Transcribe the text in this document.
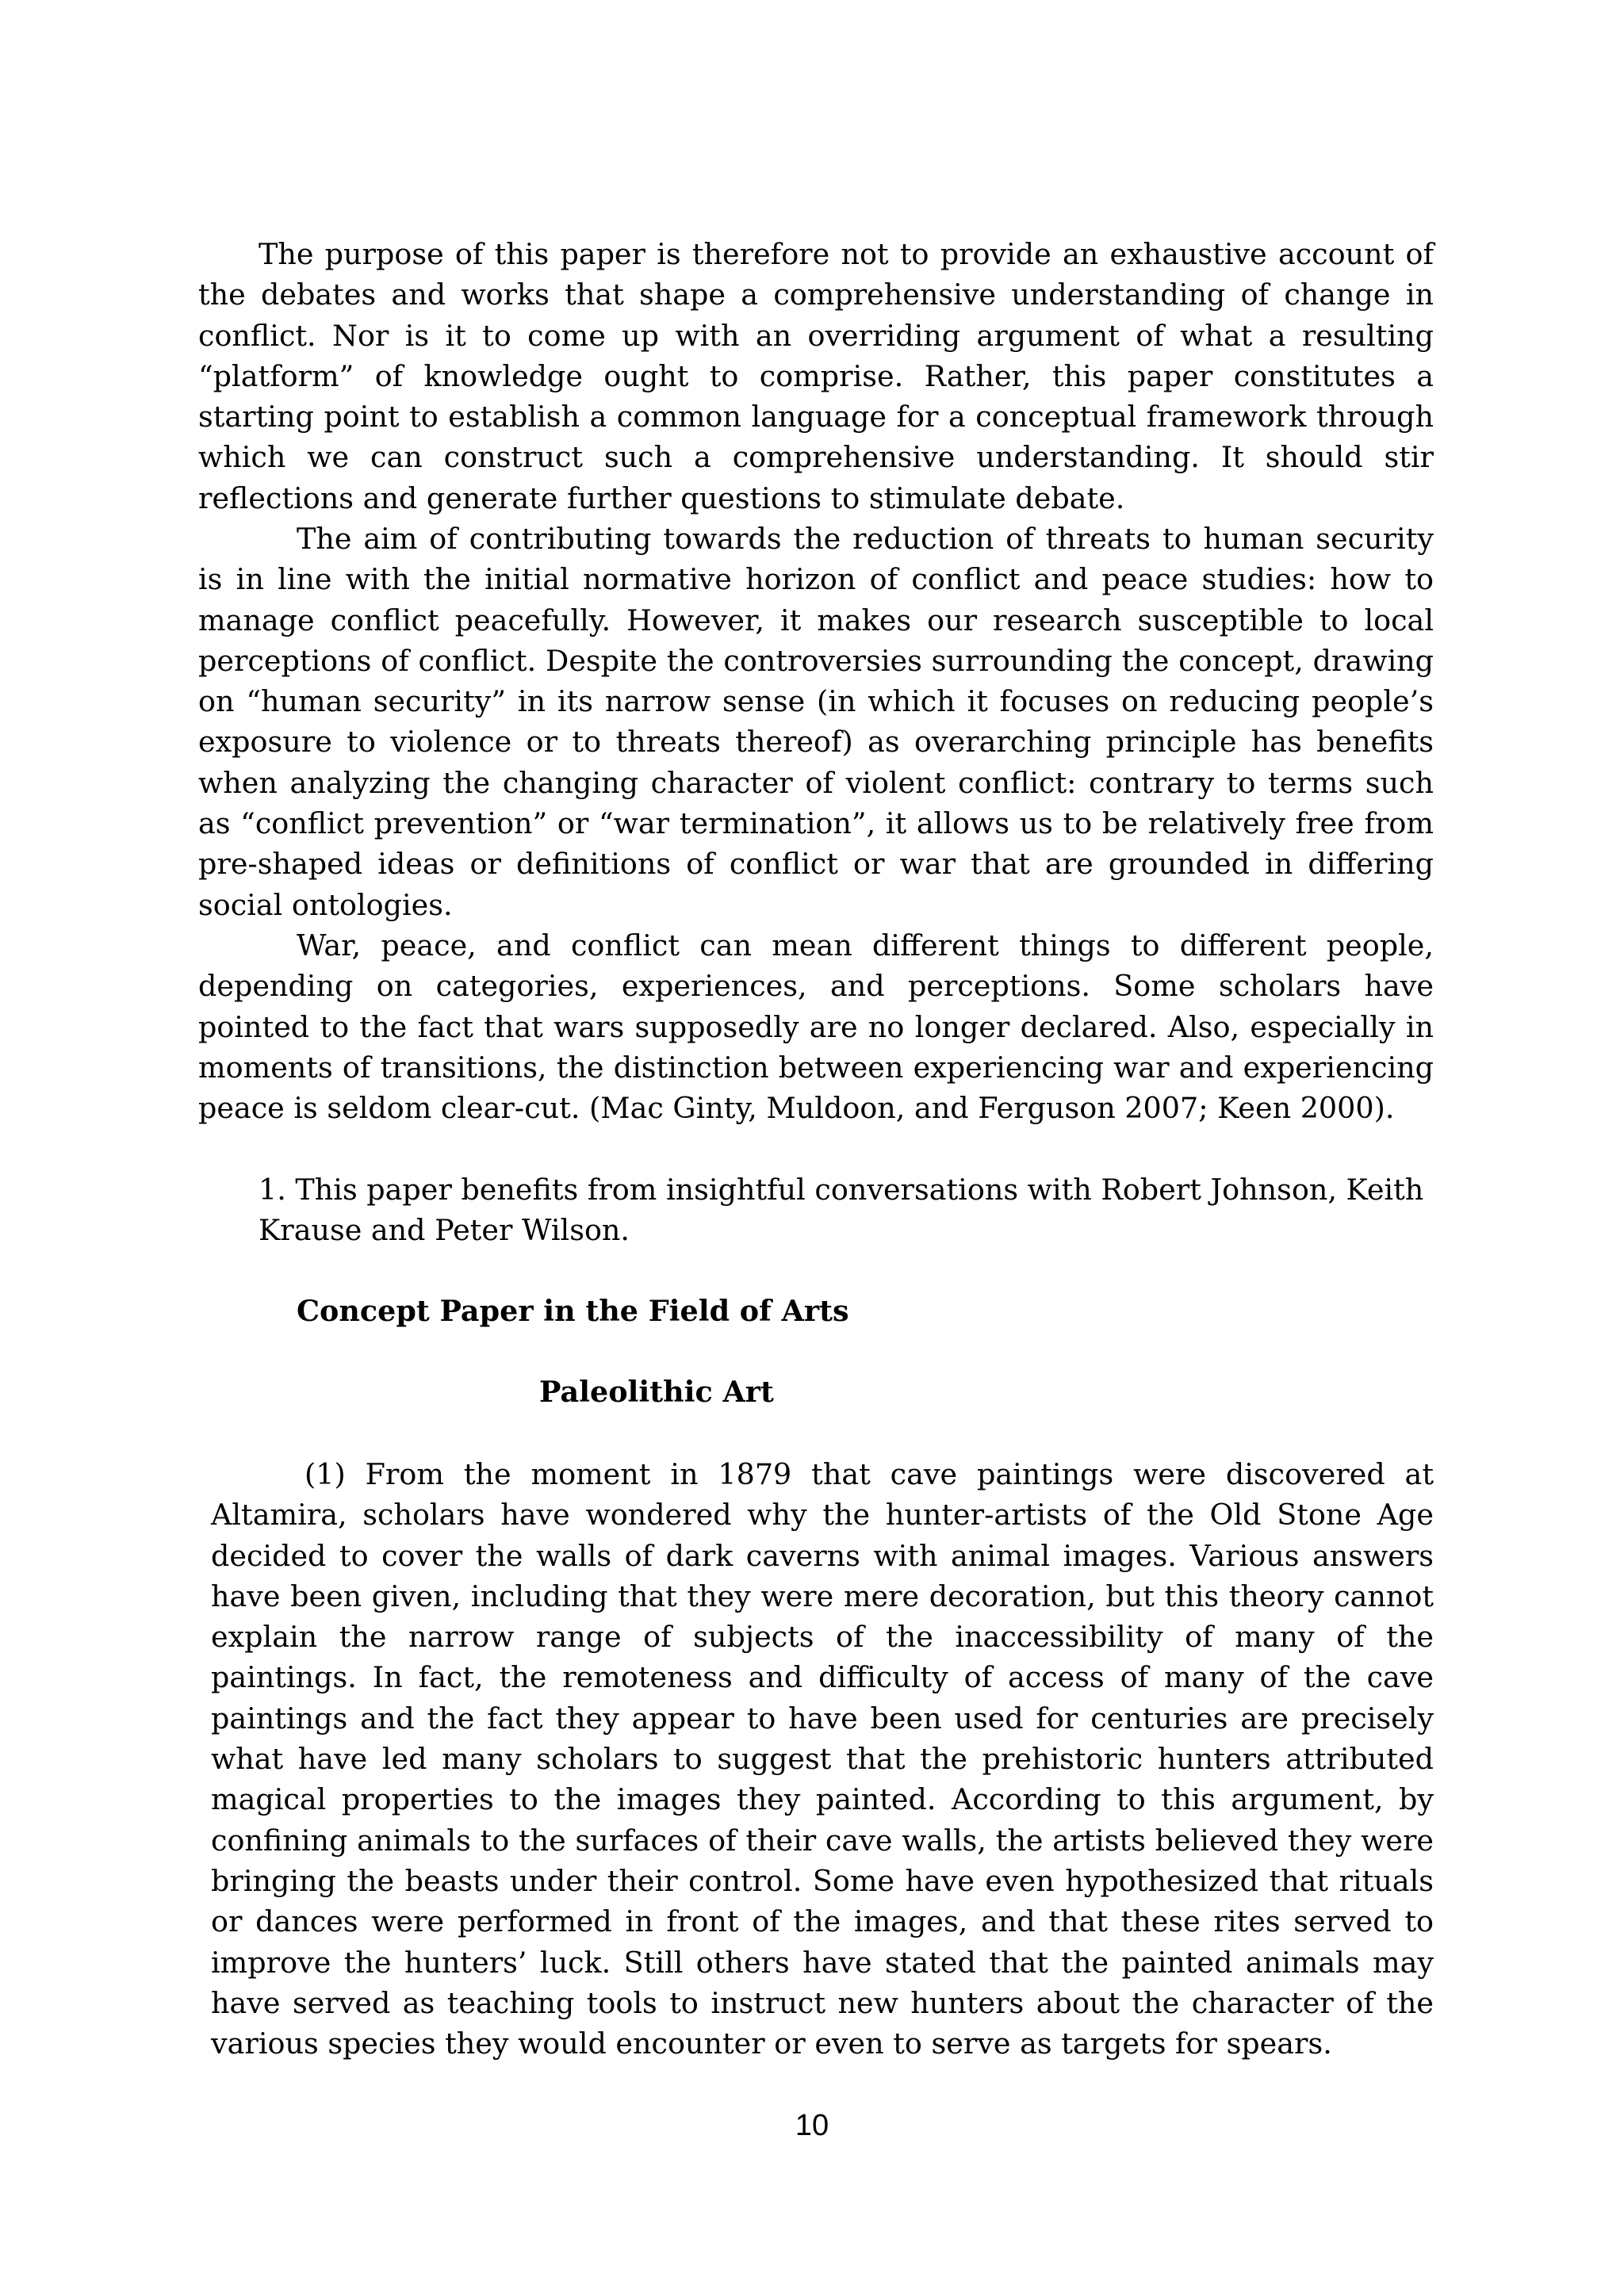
The purpose of this paper is therefore not to provide an exhaustive account of the debates and works that shape a comprehensive understanding of change in conflict. Nor is it to come up with an overriding argument of what a resulting “platform” of knowledge ought to comprise. Rather, this paper constitutes a starting point to establish a common language for a conceptual framework through which we can construct such a comprehensive understanding. It should stir reflections and generate further questions to stimulate debate.

The aim of contributing towards the reduction of threats to human security is in line with the initial normative horizon of conflict and peace studies: how to manage conflict peacefully. However, it makes our research susceptible to local perceptions of conflict. Despite the controversies surrounding the concept, drawing on “human security” in its narrow sense (in which it focuses on reducing people’s exposure to violence or to threats thereof) as overarching principle has benefits when analyzing the changing character of violent conflict: contrary to terms such as “conflict prevention” or “war termination”, it allows us to be relatively free from pre-shaped ideas or definitions of conflict or war that are grounded in differing social ontologies.

War, peace, and conflict can mean different things to different people, depending on categories, experiences, and perceptions. Some scholars have pointed to the fact that wars supposedly are no longer declared. Also, especially in moments of transitions, the distinction between experiencing war and experiencing peace is seldom clear-cut. (Mac Ginty, Muldoon, and Ferguson 2007; Keen 2000).

1. This paper benefits from insightful conversations with Robert Johnson, Keith Krause and Peter Wilson.

Concept Paper in the Field of Arts

Paleolithic Art

(1) From the moment in 1879 that cave paintings were discovered at Altamira, scholars have wondered why the hunter-artists of the Old Stone Age decided to cover the walls of dark caverns with animal images. Various answers have been given, including that they were mere decoration, but this theory cannot explain the narrow range of subjects of the inaccessibility of many of the paintings. In fact, the remoteness and difficulty of access of many of the cave paintings and the fact they appear to have been used for centuries are precisely what have led many scholars to suggest that the prehistoric hunters attributed magical properties to the images they painted. According to this argument, by confining animals to the surfaces of their cave walls, the artists believed they were bringing the beasts under their control. Some have even hypothesized that rituals or dances were performed in front of the images, and that these rites served to improve the hunters’ luck. Still others have stated that the painted animals may have served as teaching tools to instruct new hunters about the character of the various species they would encounter or even to serve as targets for spears.

10
